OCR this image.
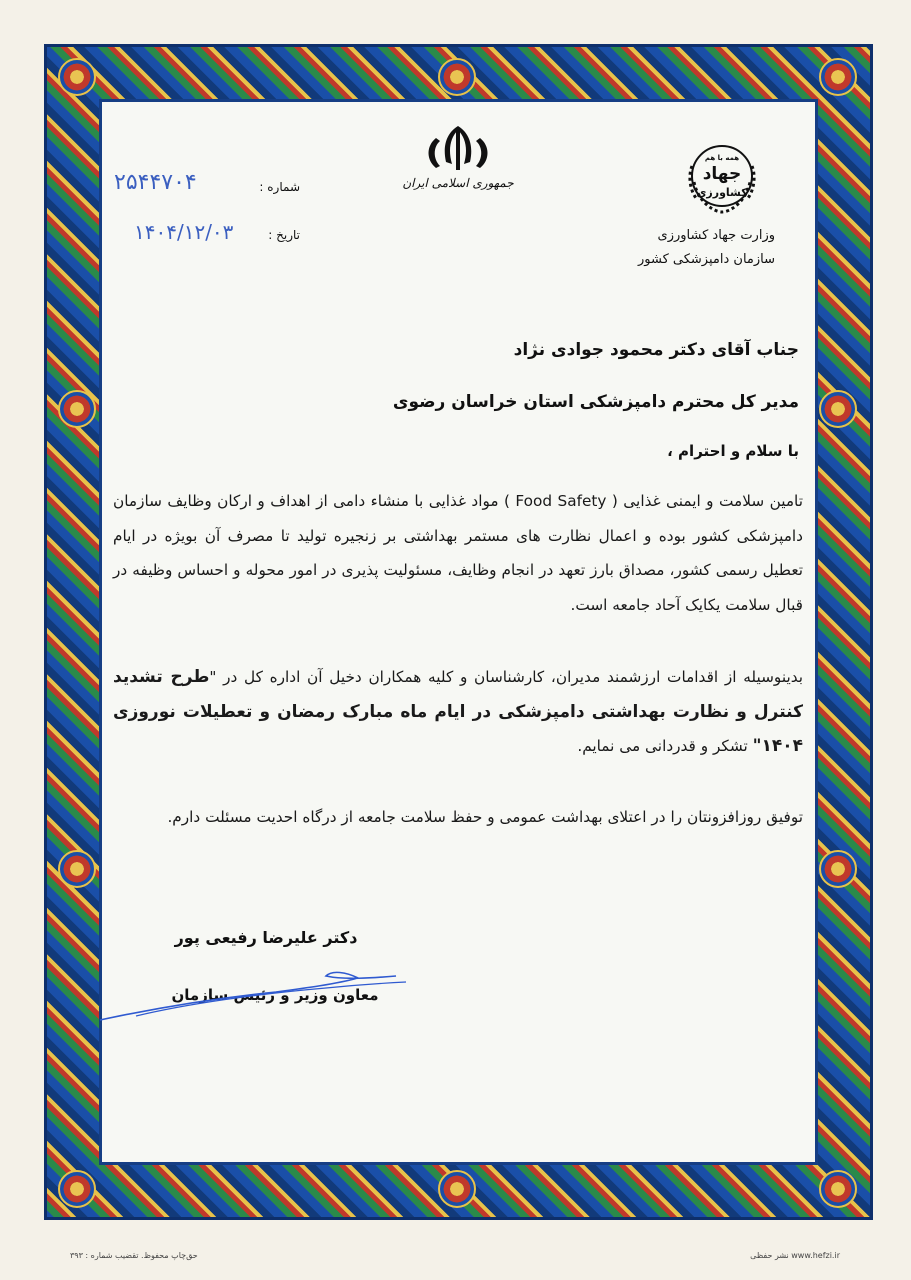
جمهوری اسلامی ایران
همه با هم
جهاد
کشاورزی
وزارت جهاد کشاورزی
سازمان دامپزشکی کشور
شماره :
۲۵۴۴۷۰۴
تاریخ :
۱۴۰۴/۱۲/۰۳
جناب آقای دکتر محمود جوادی نژاد
مدیر کل محترم دامپزشکی استان خراسان رضوی
با سلام و احترام ،
تامین سلامت و ایمنی غذایی ( Food Safety ) مواد غذایی با منشاء دامی از اهداف و ارکان وظایف سازمان دامپزشکی کشور بوده و اعمال نظارت های مستمر بهداشتی بر زنجیره تولید تا مصرف آن بویژه در ایام تعطیل رسمی کشور، مصداق بارز تعهد در انجام وظایف، مسئولیت پذیری در امور محوله و احساس وظیفه در قبال سلامت یکایک آحاد جامعه است.
بدینوسیله از اقدامات ارزشمند مدیران، کارشناسان و کلیه همکاران دخیل آن اداره کل در "طرح تشدید کنترل و نظارت بهداشتی دامپزشکی در ایام ماه مبارک رمضان و تعطیلات نوروزی ۱۴۰۴" تشکر و قدردانی می نمایم.
توفیق روزافزونتان را در اعتلای بهداشت عمومی و حفظ سلامت جامعه از درگاه احدیت مسئلت دارم.
دکتر علیرضا رفیعی پور
معاون وزیر و رئیس سازمان
حق‌چاپ محفوظ. تقضیب شماره : ۳۹۳	www.hefzi.ir نشر حفظی
